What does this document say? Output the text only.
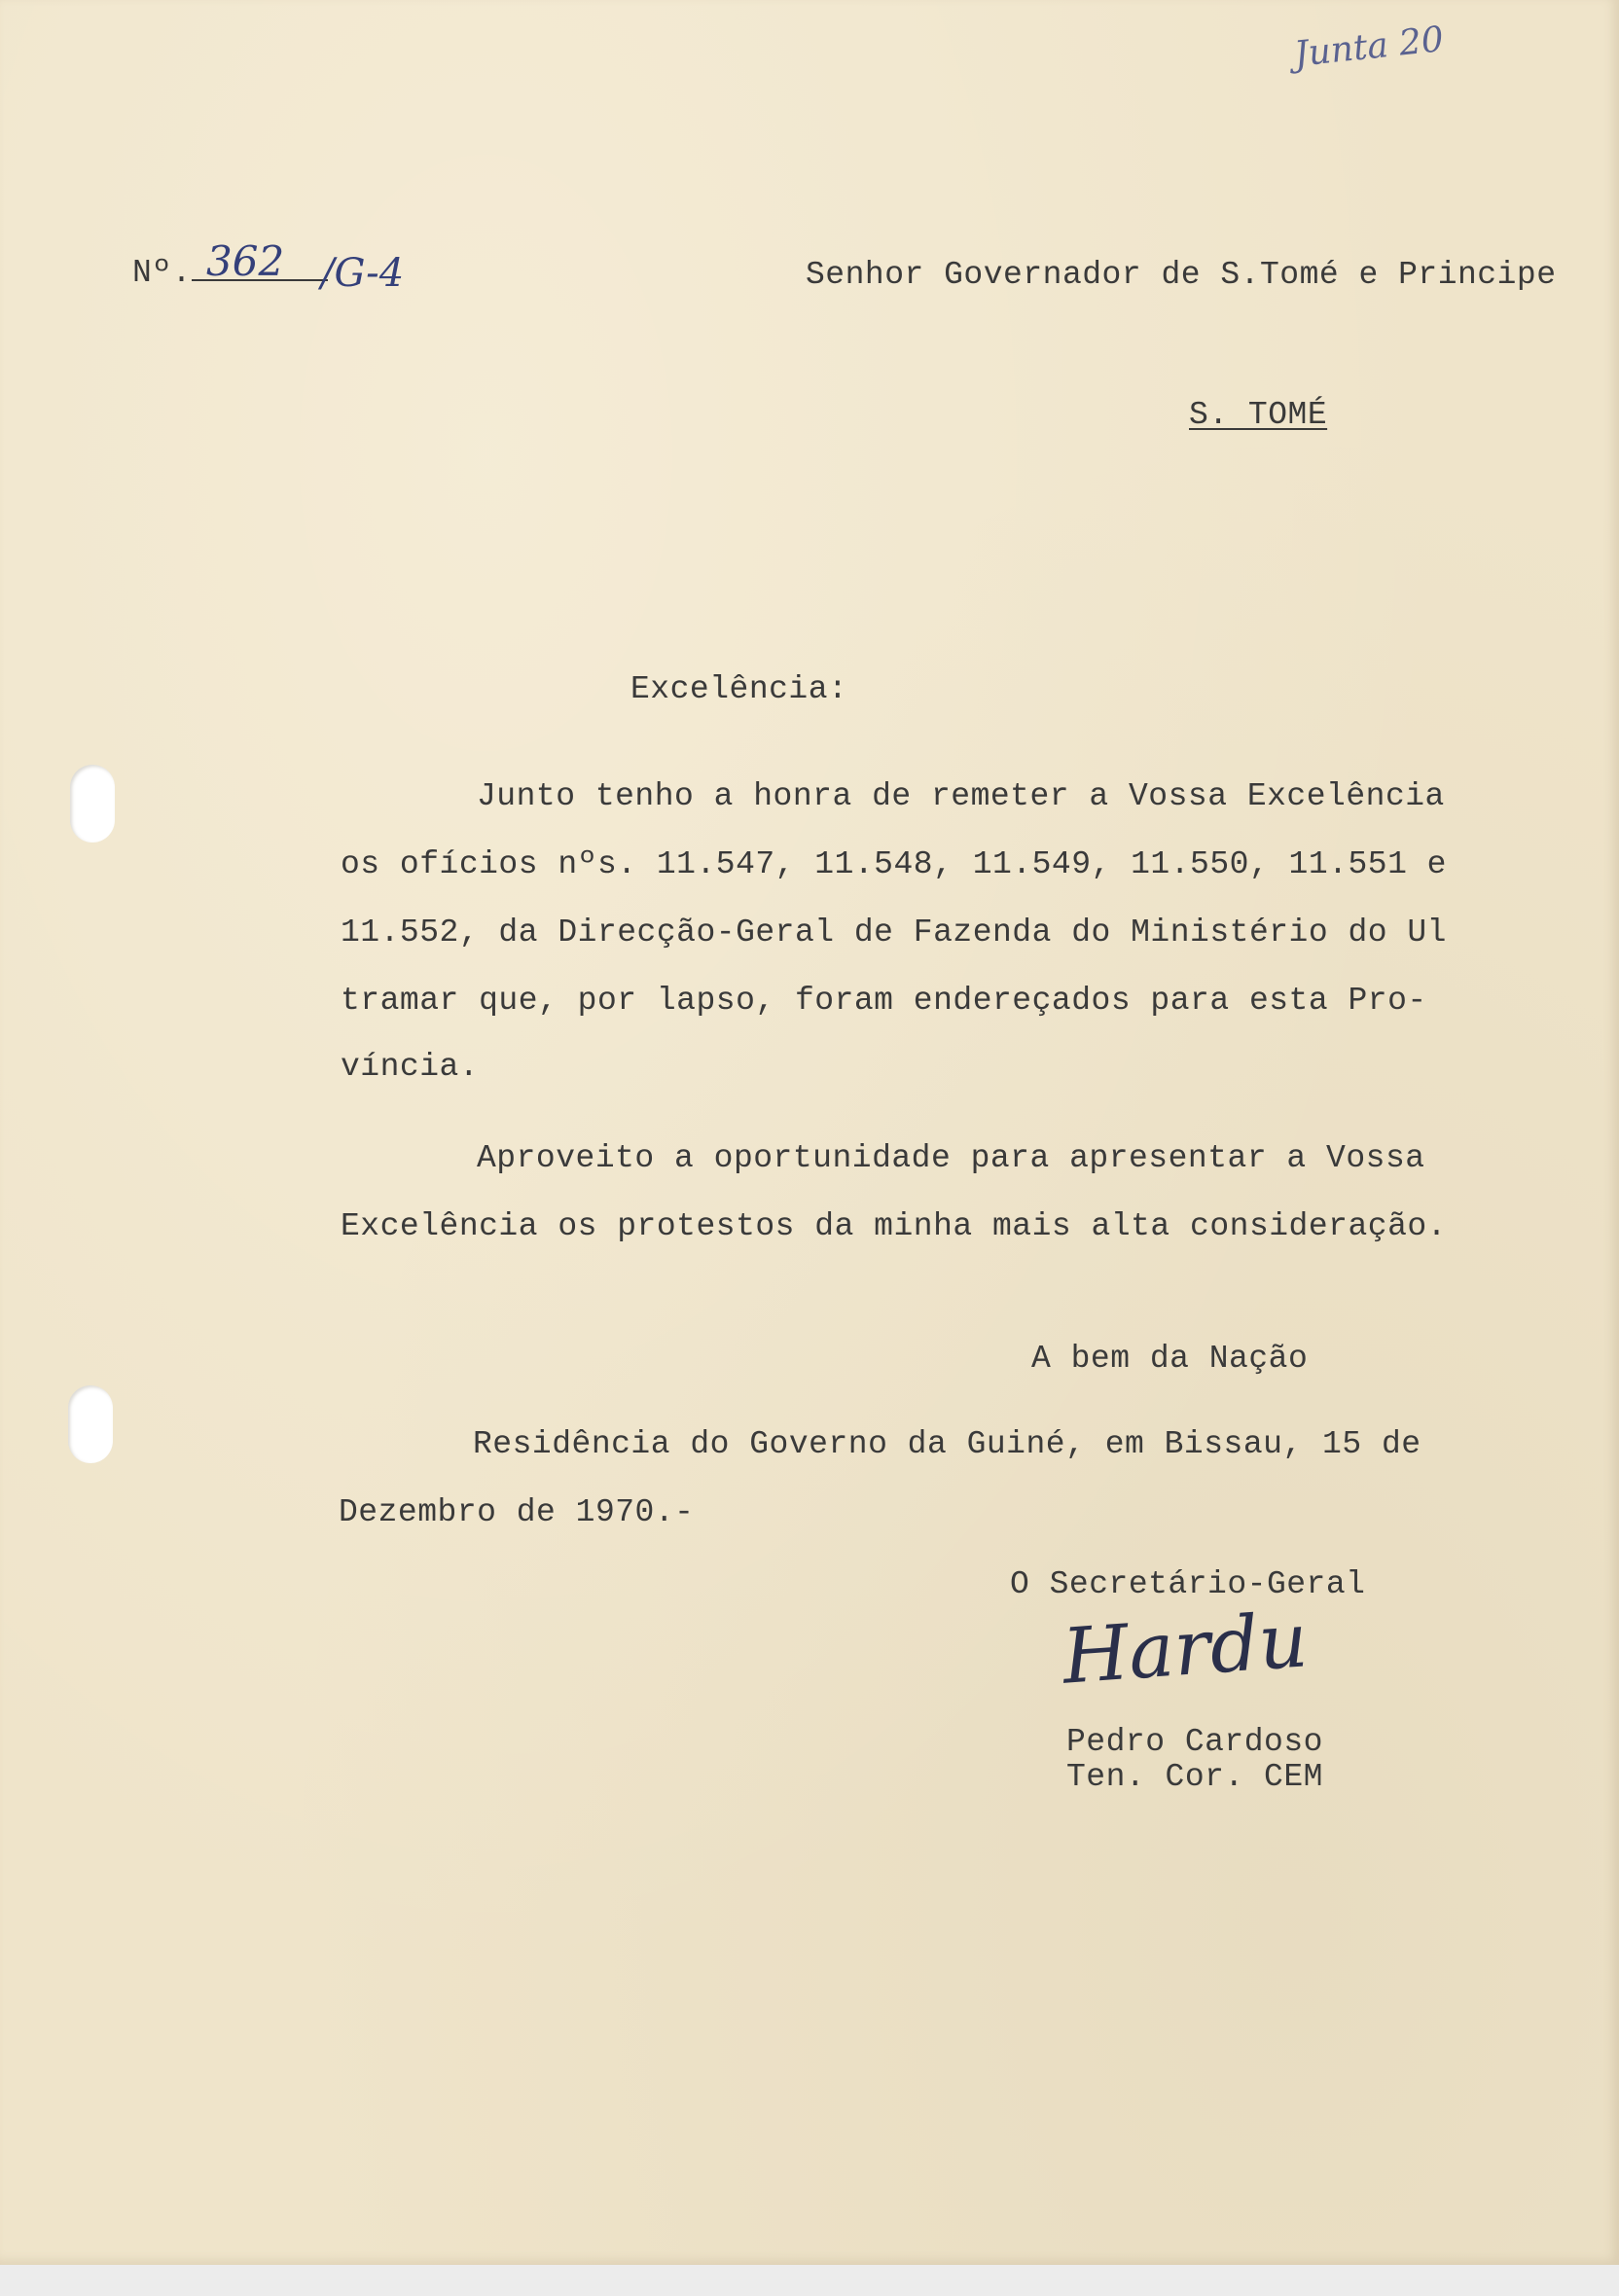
Junta 20
Nº. 362 /G-4	Senhor Governador de S.Tomé e Principe

S. TOMÉ

Excelência:

Junto tenho a honra de remeter a Vossa Excelência

os ofícios nºs. 11.547, 11.548, 11.549, 11.550, 11.551 e

11.552, da Direcção-Geral de Fazenda do Ministério do Ul

tramar que, por lapso, foram endereçados para esta Pro-

víncia.

Aproveito a oportunidade para apresentar a Vossa

Excelência os protestos da minha mais alta consideração.

A bem da Nação

Residência do Governo da Guiné, em Bissau, 15 de

Dezembro de 1970.-

O Secretário-Geral

Hardu

Pedro Cardoso

Ten. Cor. CEM
